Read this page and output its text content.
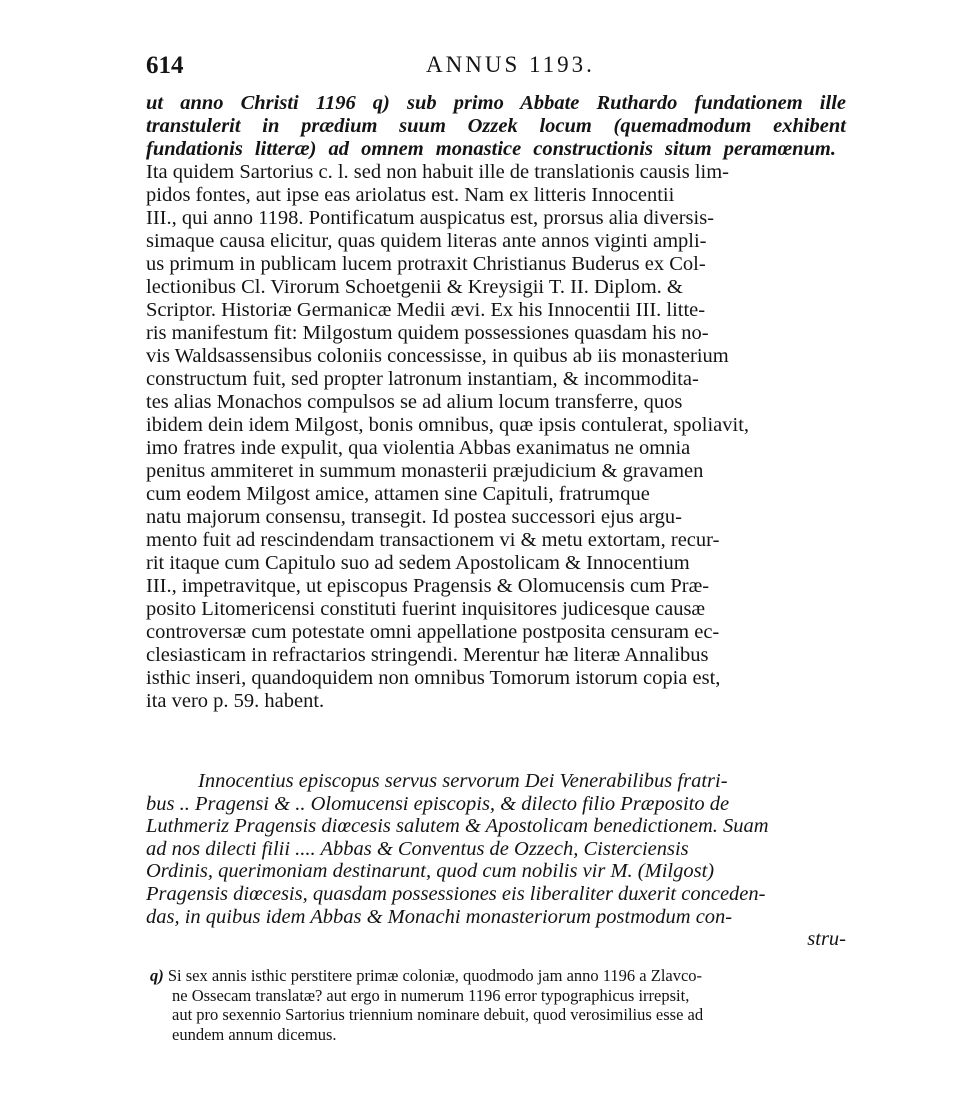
614	ANNUS 1193.
ut anno Christi 1196 q) sub primo Abbate Ruthardo fundationem ille
transtulerit in prædium suum Ozzek locum (quemadmodum exhibent
fundationis litteræ) ad omnem monastice constructionis situm peramœnum.
Ita quidem Sartorius c. l. sed non habuit ille de translationis causis lim-
pidos fontes, aut ipse eas ariolatus est. Nam ex litteris Innocentii
III., qui anno 1198. Pontificatum auspicatus est, prorsus alia diversis-
simaque causa elicitur, quas quidem literas ante annos viginti ampli-
us primum in publicam lucem protraxit Christianus Buderus ex Col-
lectionibus Cl. Virorum Schoetgenii & Kreysigii T. II. Diplom. &
Scriptor. Historiæ Germanicæ Medii ævi. Ex his Innocentii III. litte-
ris manifestum fit: Milgostum quidem possessiones quasdam his no-
vis Waldsassensibus coloniis concessisse, in quibus ab iis monasterium
constructum fuit, sed propter latronum instantiam, & incommodita-
tes alias Monachos compulsos se ad alium locum transferre, quos
ibidem dein idem Milgost, bonis omnibus, quæ ipsis contulerat, spoliavit,
imo fratres inde expulit, qua violentia Abbas exanimatus ne omnia
penitus ammiteret in summum monasterii præjudicium & gravamen
cum eodem Milgost amice, attamen sine Capituli, fratrumque
natu majorum consensu, transegit. Id postea successori ejus argu-
mento fuit ad rescindendam transactionem vi & metu extortam, recur-
rit itaque cum Capitulo suo ad sedem Apostolicam & Innocentium
III., impetravitque, ut episcopus Pragensis & Olomucensis cum Præ-
posito Litomericensi constituti fuerint inquisitores judicesque causæ
controversæ cum potestate omni appellatione postposita censuram ec-
clesiasticam in refractarios stringendi. Merentur hæ literæ Annalibus
isthic inseri, quandoquidem non omnibus Tomorum istorum copia est,
ita vero p. 59. habent.
Innocentius episcopus servus servorum Dei Venerabilibus fratri-
bus .. Pragensi & .. Olomucensi episcopis, & dilecto filio Præposito de
Luthmeriz Pragensis diœcesis salutem & Apostolicam benedictionem. Suam
ad nos dilecti filii .... Abbas & Conventus de Ozzech, Cisterciensis
Ordinis, querimoniam destinarunt, quod cum nobilis vir M. (Milgost)
Pragensis diœcesis, quasdam possessiones eis liberaliter duxerit conceden-
das, in quibus idem Abbas & Monachi monasteriorum postmodum con-
stru-
q) Si sex annis isthic perstitere primæ coloniæ, quodmodo jam anno 1196 a Zlavco-
ne Ossecam translatæ? aut ergo in numerum 1196 error typographicus irrepsit,
aut pro sexennio Sartorius triennium nominare debuit, quod verosimilius esse ad
eundem annum dicemus.
